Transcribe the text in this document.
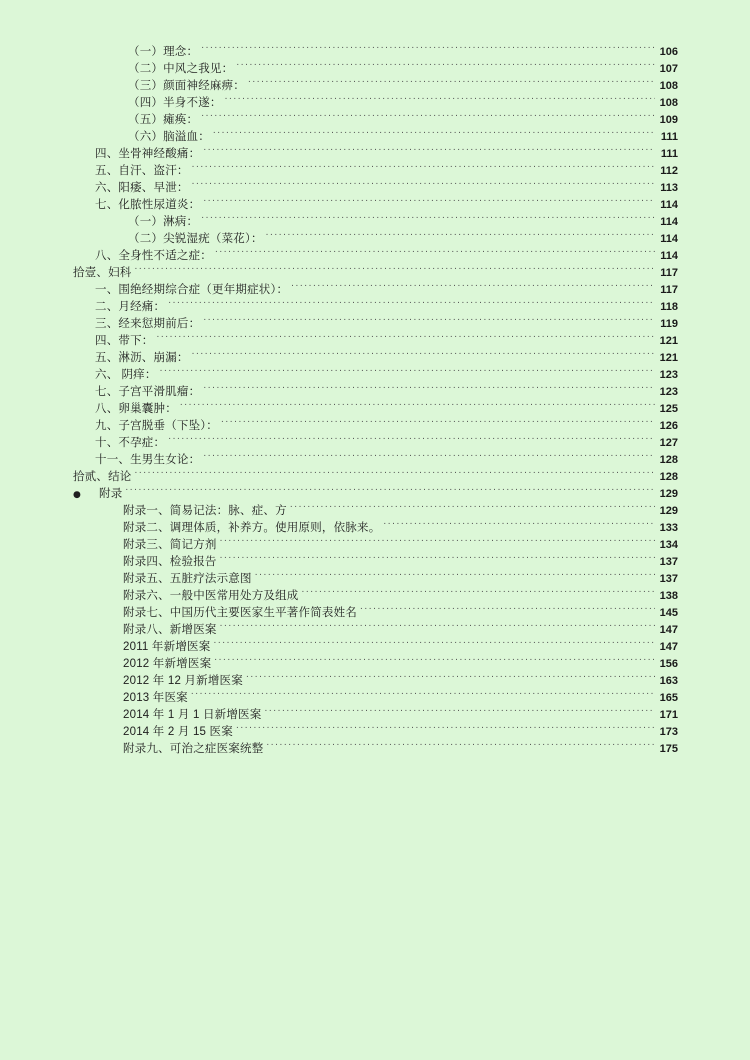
（一）理念： .....	106
（二）中风之我见： .....	107
（三）颜面神经麻痹： .....	108
（四）半身不遂： .....	108
（五）瘫痪： .....	109
（六）脑溢血： .....	111
四、坐骨神经酸痛： .....	111
五、自汗、盗汗： .....	112
六、阳痿、早泄： .....	113
七、化脓性尿道炎： .....	114
（一）淋病： .....	114
（二）尖锐湿疣（菜花）： .....	114
八、全身性不适之症： .....	114
拾壹、妇科 .....	117
一、围绝经期综合症（更年期症状）： .....	117
二、月经痛： .....	118
三、经来愆期前后： .....	119
四、带下： .....	121
五、淋沥、崩漏： .....	121
六、 阴痒： .....	123
七、子宫平滑肌瘤： .....	123
八、卵巢囊肿： .....	125
九、子宫脱垂（下坠）： .....	126
十、不孕症： .....	127
十一、生男生女论： .....	128
拾贰、结论 .....	128
●	附录 .....	129
附录一、简易记法：脉、症、方 .....	129
附录二、调理体质，补养方。使用原则，依脉来。 .....	133
附录三、简记方剂 .....	134
附录四、检验报告 .....	137
附录五、五脏疗法示意图 .....	137
附录六、一般中医常用处方及组成 .....	138
附录七、中国历代主要医家生平著作简表姓名 .....	145
附录八、新增医案 .....	147
2011 年新增医案 .....	147
2012 年新增医案 .....	156
2012 年 12 月新增医案 .....	163
2013 年医案 .....	165
2014 年 1 月 1 日新增医案 .....	171
2014 年 2 月 15 医案 .....	173
附录九、可治之症医案统整 .....	175
